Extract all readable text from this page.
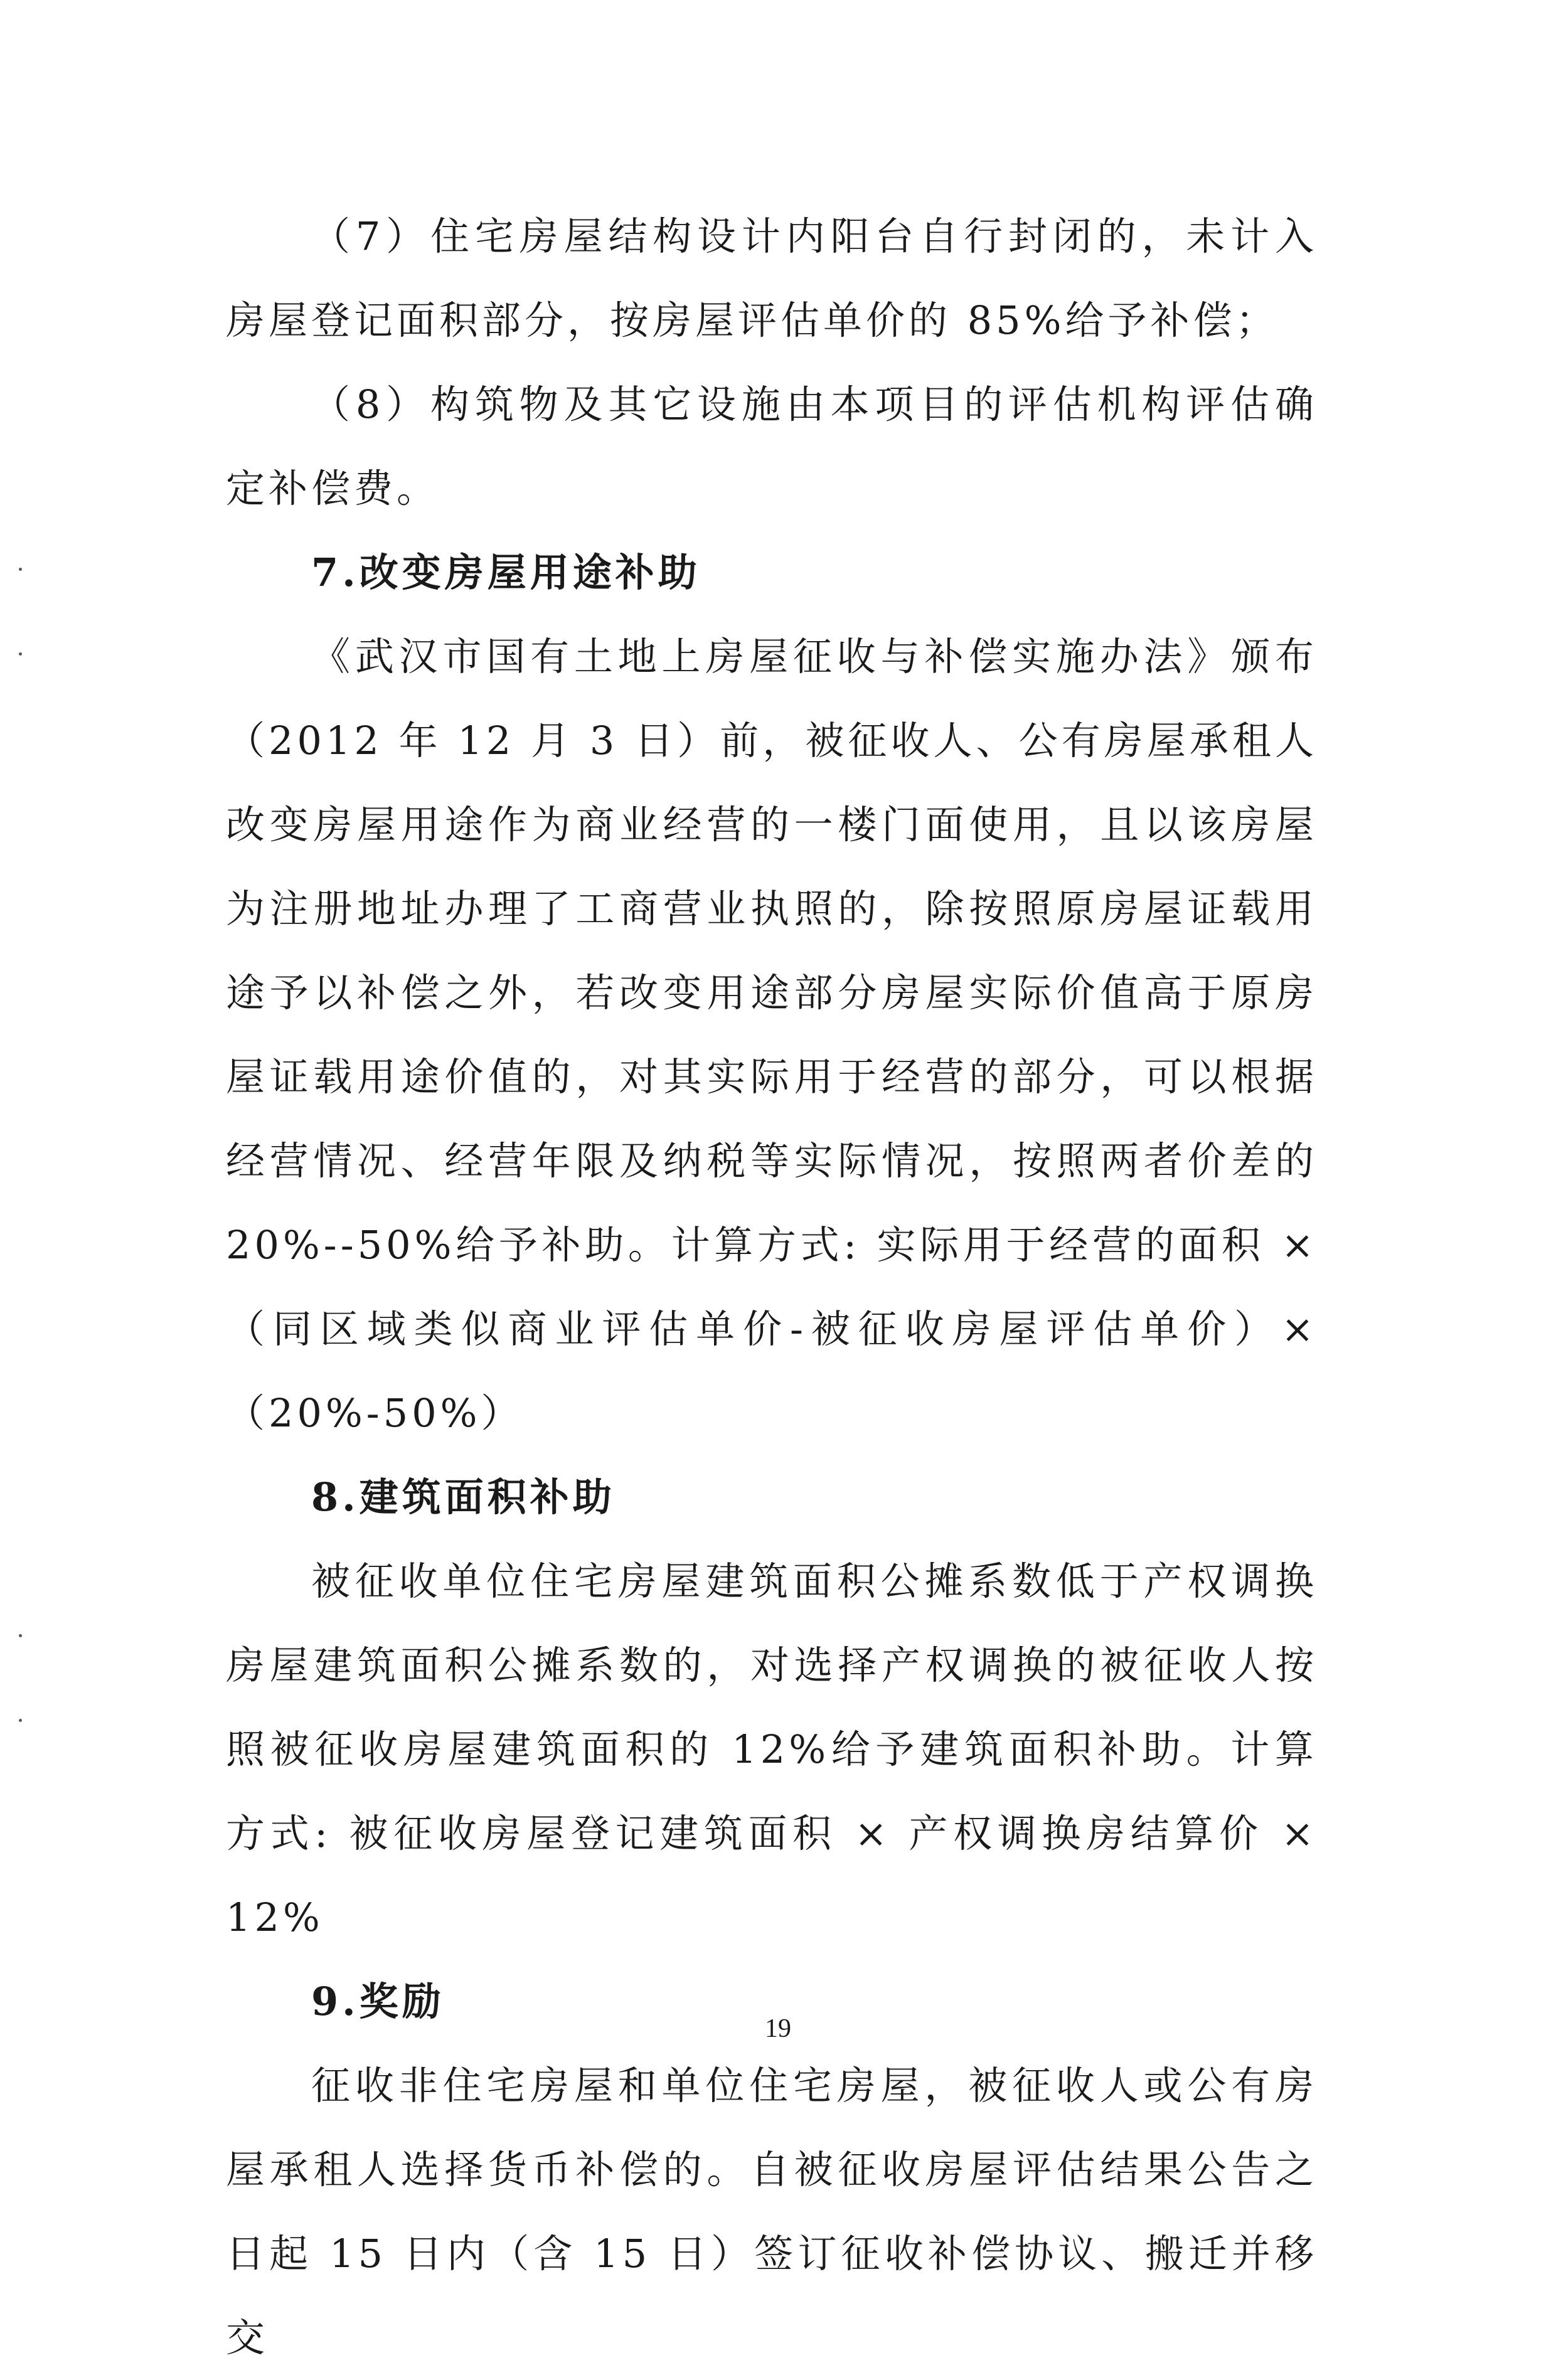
（7）住宅房屋结构设计内阳台自行封闭的，未计入房屋登记面积部分，按房屋评估单价的 85%给予补偿；

（8）构筑物及其它设施由本项目的评估机构评估确定补偿费。

7.改变房屋用途补助

《武汉市国有土地上房屋征收与补偿实施办法》颁布（2012 年 12 月 3 日）前，被征收人、公有房屋承租人改变房屋用途作为商业经营的一楼门面使用，且以该房屋为注册地址办理了工商营业执照的，除按照原房屋证载用途予以补偿之外，若改变用途部分房屋实际价值高于原房屋证载用途价值的，对其实际用于经营的部分，可以根据经营情况、经营年限及纳税等实际情况，按照两者价差的 20%--50%给予补助。计算方式: 实际用于经营的面积 ×（同区域类似商业评估单价-被征收房屋评估单价）×（20%-50%）

8.建筑面积补助

被征收单位住宅房屋建筑面积公摊系数低于产权调换房屋建筑面积公摊系数的，对选择产权调换的被征收人按照被征收房屋建筑面积的 12%给予建筑面积补助。计算方式: 被征收房屋登记建筑面积 × 产权调换房结算价 × 12%

9.奖励

征收非住宅房屋和单位住宅房屋，被征收人或公有房屋承租人选择货币补偿的。自被征收房屋评估结果公告之日起 15 日内（含 15 日）签订征收补偿协议、搬迁并移交

19
